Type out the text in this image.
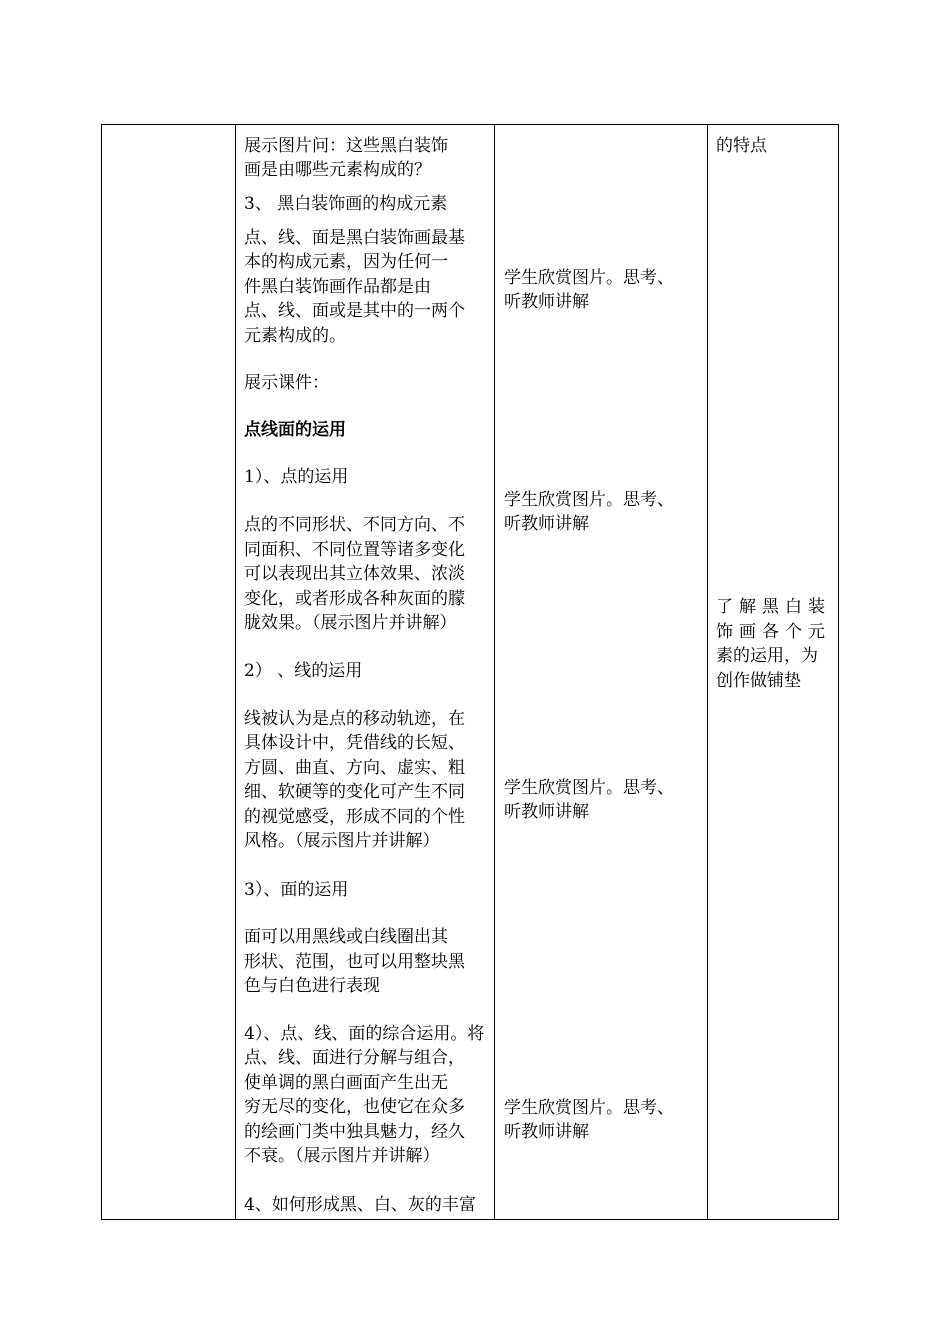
展示图片问：这些黑白装饰
画是由哪些元素构成的？
3、 黑白装饰画的构成元素
点、线、面是黑白装饰画最基
本的构成元素，因为任何一
件黑白装饰画作品都是由
点、线、面或是其中的一两个
元素构成的。
展示课件：
点线面的运用
1）、点的运用
点的不同形状、不同方向、不
同面积、不同位置等诸多变化
可以表现出其立体效果、浓淡
变化，或者形成各种灰面的朦
胧效果。（展示图片并讲解）
2） 、线的运用
线被认为是点的移动轨迹，在
具体设计中，凭借线的长短、
方圆、曲直、方向、虚实、粗
细、软硬等的变化可产生不同
的视觉感受，形成不同的个性
风格。（展示图片并讲解）
3）、面的运用
面可以用黑线或白线圈出其
形状、范围，也可以用整块黑
色与白色进行表现
4）、点、线、面的综合运用。将
点、线、面进行分解与组合，
使单调的黑白画面产生出无
穷无尽的变化，也使它在众多
的绘画门类中独具魅力，经久
不衰。（展示图片并讲解）
4、如何形成黑、白、灰的丰富
学生欣赏图片。思考、
听教师讲解
学生欣赏图片。思考、
听教师讲解
学生欣赏图片。思考、
听教师讲解
学生欣赏图片。思考、
听教师讲解
的特点
了解黑白装
饰画各个元
素的运用，为
创作做铺垫
